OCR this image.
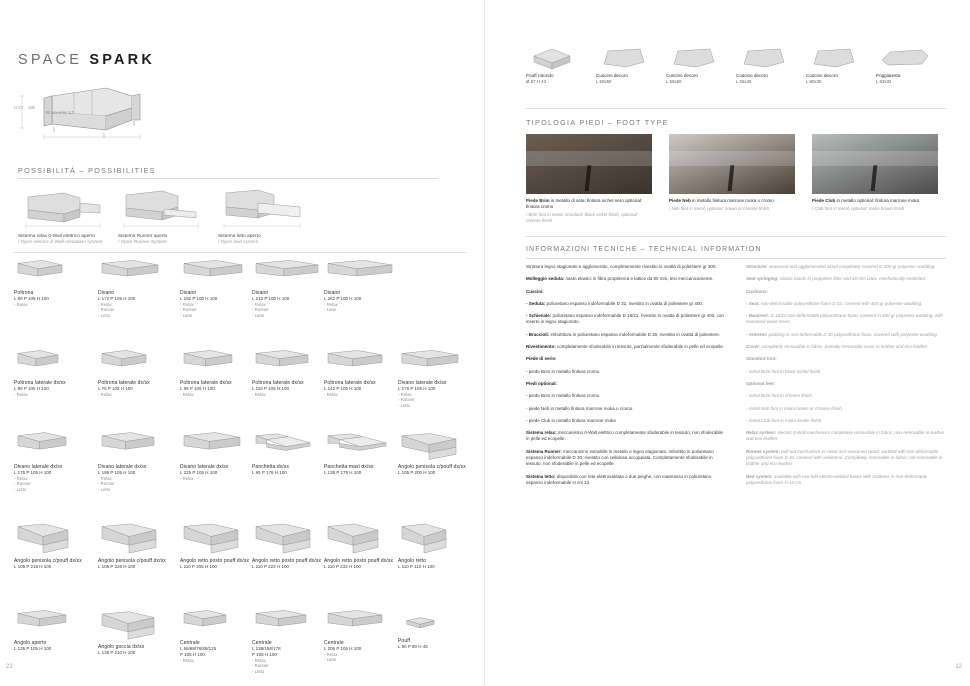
SPACE SPARK
H 87 180
Bracciolo 17
POSSIBILITÀ – POSSIBILITIES
Sistema relax 0-Wall elettrico aperto
/ Open electric 0-Wall relaxation system
Sistema Runner aperto
/ Open Runner System
Sistema letto aperto
/ Open bed system
Poltrona
L 80 P 105 H 100
- Relax
Divano
L 172 P 105 H 100
- Relax
- Runner
- Letto
Divano
L 192 P 105 H 100
- Relax
- Runner
- Letto
Divano
L 212 P 105 H 100
- Relax
- Runner
- Letto
Divano
L 262 P 105 H 100
- Relax
- Letto
Poltrona laterale dx/sx
L 95 P 105 H 100
- Relax
Poltrona laterale dx/sx
L 75 P 105 H 100
- Relax
Poltrona laterale dx/sx
L 95 P 105 H 100
- Relax
Poltrona laterale dx/sx
L 115 P 105 H 100
- Relax
Poltrona laterale dx/sx
L 142 P 105 H 100
- Relax
Divano laterale dx/sx
L 175 P 105 H 100
- Relax
- Runner
- Letto
Divano laterale dx/sx
L 175 P 105 H 100
- Relax
- Runner
- Letto
Divano laterale dx/sx
L 195 P 105 H 100
- Relax
- Runner
- Letto
Divano laterale dx/sx
L 225 P 105 H 100
- Relax
Panchetta dx/sx
L 95 P 178 H 100
Panchetta maxi dx/sx
L 135 P 178 H 100
Angolo penisola c/pouff dx/sx
L 105 P 200 H 100
Angolo penisola c/pouff dx/sx
L 105 P 218 H 100
Angolo penisola c/pouff dx/sx
L 105 P 228 H 100
Angolo retto posto pouff dx/sx
L 110 P 205 H 100
Angolo retto posto pouff dx/sx
L 110 P 223 H 100
Angolo retto posto pouff dx/sx
L 110 P 233 H 100
Angolo retto
L 110 P 110 H 100
Angolo aperto
L 135 P 105 H 100	Angolo goccia dx/sx
L 135 P 210 H 100
Centrale
L 56/68/78/88/125
P 105 H 100
- Relax
Centrale
L 138/158/178
P 105 H 100
- Relax
- Runner
- Letto
Centrale
L 206 P 105 H 100
- Relax
- Letto
Pouff
L 80 P 80 H 45
22
Pouff rotondo
Ø 57 H 43
Cuscino decoro
L 50x50
Cuscino decoro
L 50x50
Cuscino decoro
L 55x45
Cuscino decoro
L 60x30
Poggiatesta
L 63x32
TIPOLOGIA PIEDI – FOOT TYPE
Piede Brim in metallo di seta: finitura nichel nero optional: finitura cromo
/ Brim foot in metal, standard: black nickel finish, optional: chrome finish
Piede Neb in metallo finitura marrone moka o cromo
/ Neb foot in metal, optional: brown or chrome finish
Piede Club in metallo optional: finitura marrone moka
/ Club foot in metal, optional: moka brown finish
INFORMAZIONI TECNICHE – TECHNICAL INFORMATION

Struttura legno stagionato e agglomerato, completamente rivestito in ovatta di poliestere gr 300.

Molleggio seduta: nastri elastici in fibra propilenica e lattice da 80 mm, tesi meccanicamente.

Cuscini:

- Seduta: poliuretano espanso indeformabile D 32, rivestito in ovatta di poliestere gr 400.

- Schienale: poliuretano espanso indeformabile D 18/21, rivestito in ovatta di poliestere gr 400, con inserto in legno stagionato.

- Braccioli: imbottitura in poliuretano espanso indeformabile D 30, rivestito in ovatta di poliestere.

Rivestimento: completamente sfoderabile in tessuto, parzialmente sfoderabile in pelle ed ecopelle.

Piede di serie:

- piede Brim in metallo finitura cromo.

Piedi optional:

- piede Brim in metallo finitura cromo.

- piede Neb in metallo finitura marrone moka o cromo.

- piede Club in metallo finitura marrone moka

Sistema relax: meccanismo 0-Wall elettrico completamente sfoderabile in tessuto; non sfoderabile in pelle ed ecopelle.

Sistema Runner: meccanismo estraibile in metallo e legno stagionato, imbottito in poliuretano espanso indeformabile D 30, rivestito con cellulosa accoppiata. Completamente sfoderabile in tessuto, non sfoderabile in pelle ed ecopelle.

Sistema letto: disponibile con rete elettrosaldata o due pieghe, con materasso in poliuretano espanso indeformabile H cm 12.

Structure: seasoned and agglomerated wood completely covered in 300 gr polyester wadding.

Seat springing: elastic bands in propylene fiber and 80 mm latex, mechanically stretched.

Cushions:

- Seat: non-deformable polyurethane foam D 32, covered with 400 gr polyester wadding.

- Backrest: D 18/21 non-deformable polyurethane foam, covered in 400 gr polyester wadding, with seasoned wood insert.

- Armrest: padding in non-deformable D 30 polyurethane foam, covered with polyester wadding.

Cover: completely removable in fabric; partially removable cover in leather and eco-leather.

Standard foot:

- metal Brim foot in black nichel finish.

Optional feet:

- metal Brim foot in chrome finish.

- metal Neb foot in moka brown or chrome finish.

- metal Club foot in moka brown finish.

Relax system: electric 0-Wall mechanism completely removable in fabric; non-removable in leather and eco-leather.

Runner system: pull-out mechanism in metal and seasoned wood, padded with non-deformable polyurethane foam D 30, covered with velvetene. Completely removable in fabric; not removable in leather and eco-leather.

Bed system: available with two-fold electro-welded bases with mattress in non-deformable polyurethane foam H 12 cm.

12
